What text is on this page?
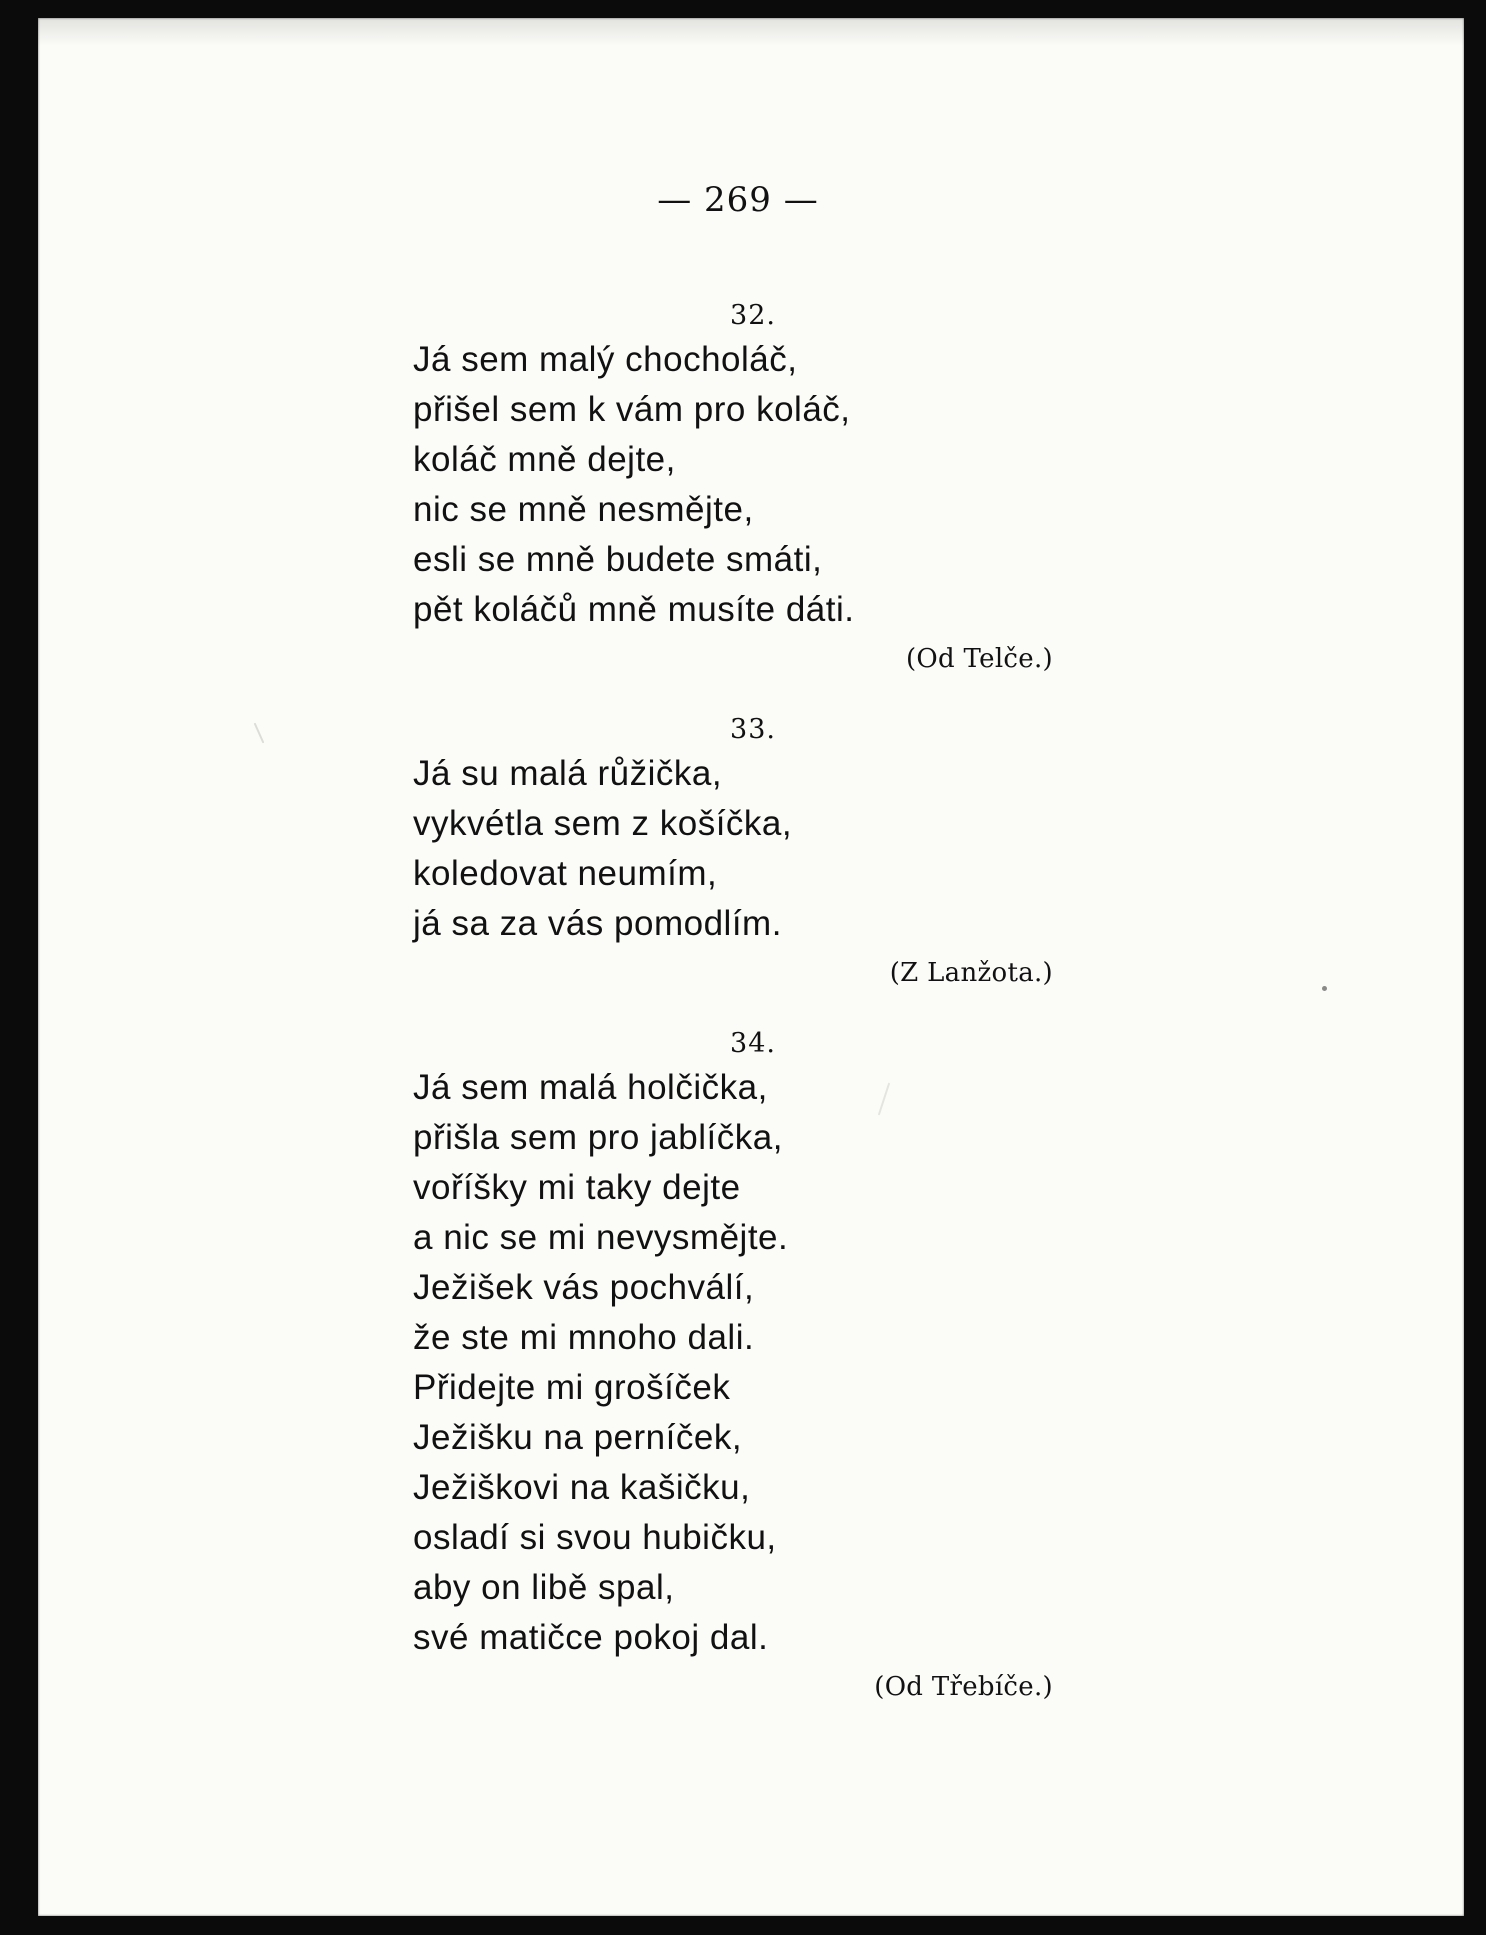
— 269 —
32.
Já sem malý chocholáč,
přišel sem k vám pro koláč,
koláč mně dejte,
nic se mně nesmějte,
esli se mně budete smáti,
pět koláčů mně musíte dáti.
(Od Telče.)
33.
Já su malá růžička,
vykvétla sem z košíčka,
koledovat neumím,
já sa za vás pomodlím.
(Z Lanžota.)
34.
Já sem malá holčička,
přišla sem pro jablíčka,
voříšky mi taky dejte
a nic se mi nevysmějte.
Ježišek vás pochválí,
že ste mi mnoho dali.
Přidejte mi grošíček
Ježišku na perníček,
Ježiškovi na kašičku,
osladí si svou hubičku,
aby on libě spal,
své matičce pokoj dal.
(Od Třebíče.)
